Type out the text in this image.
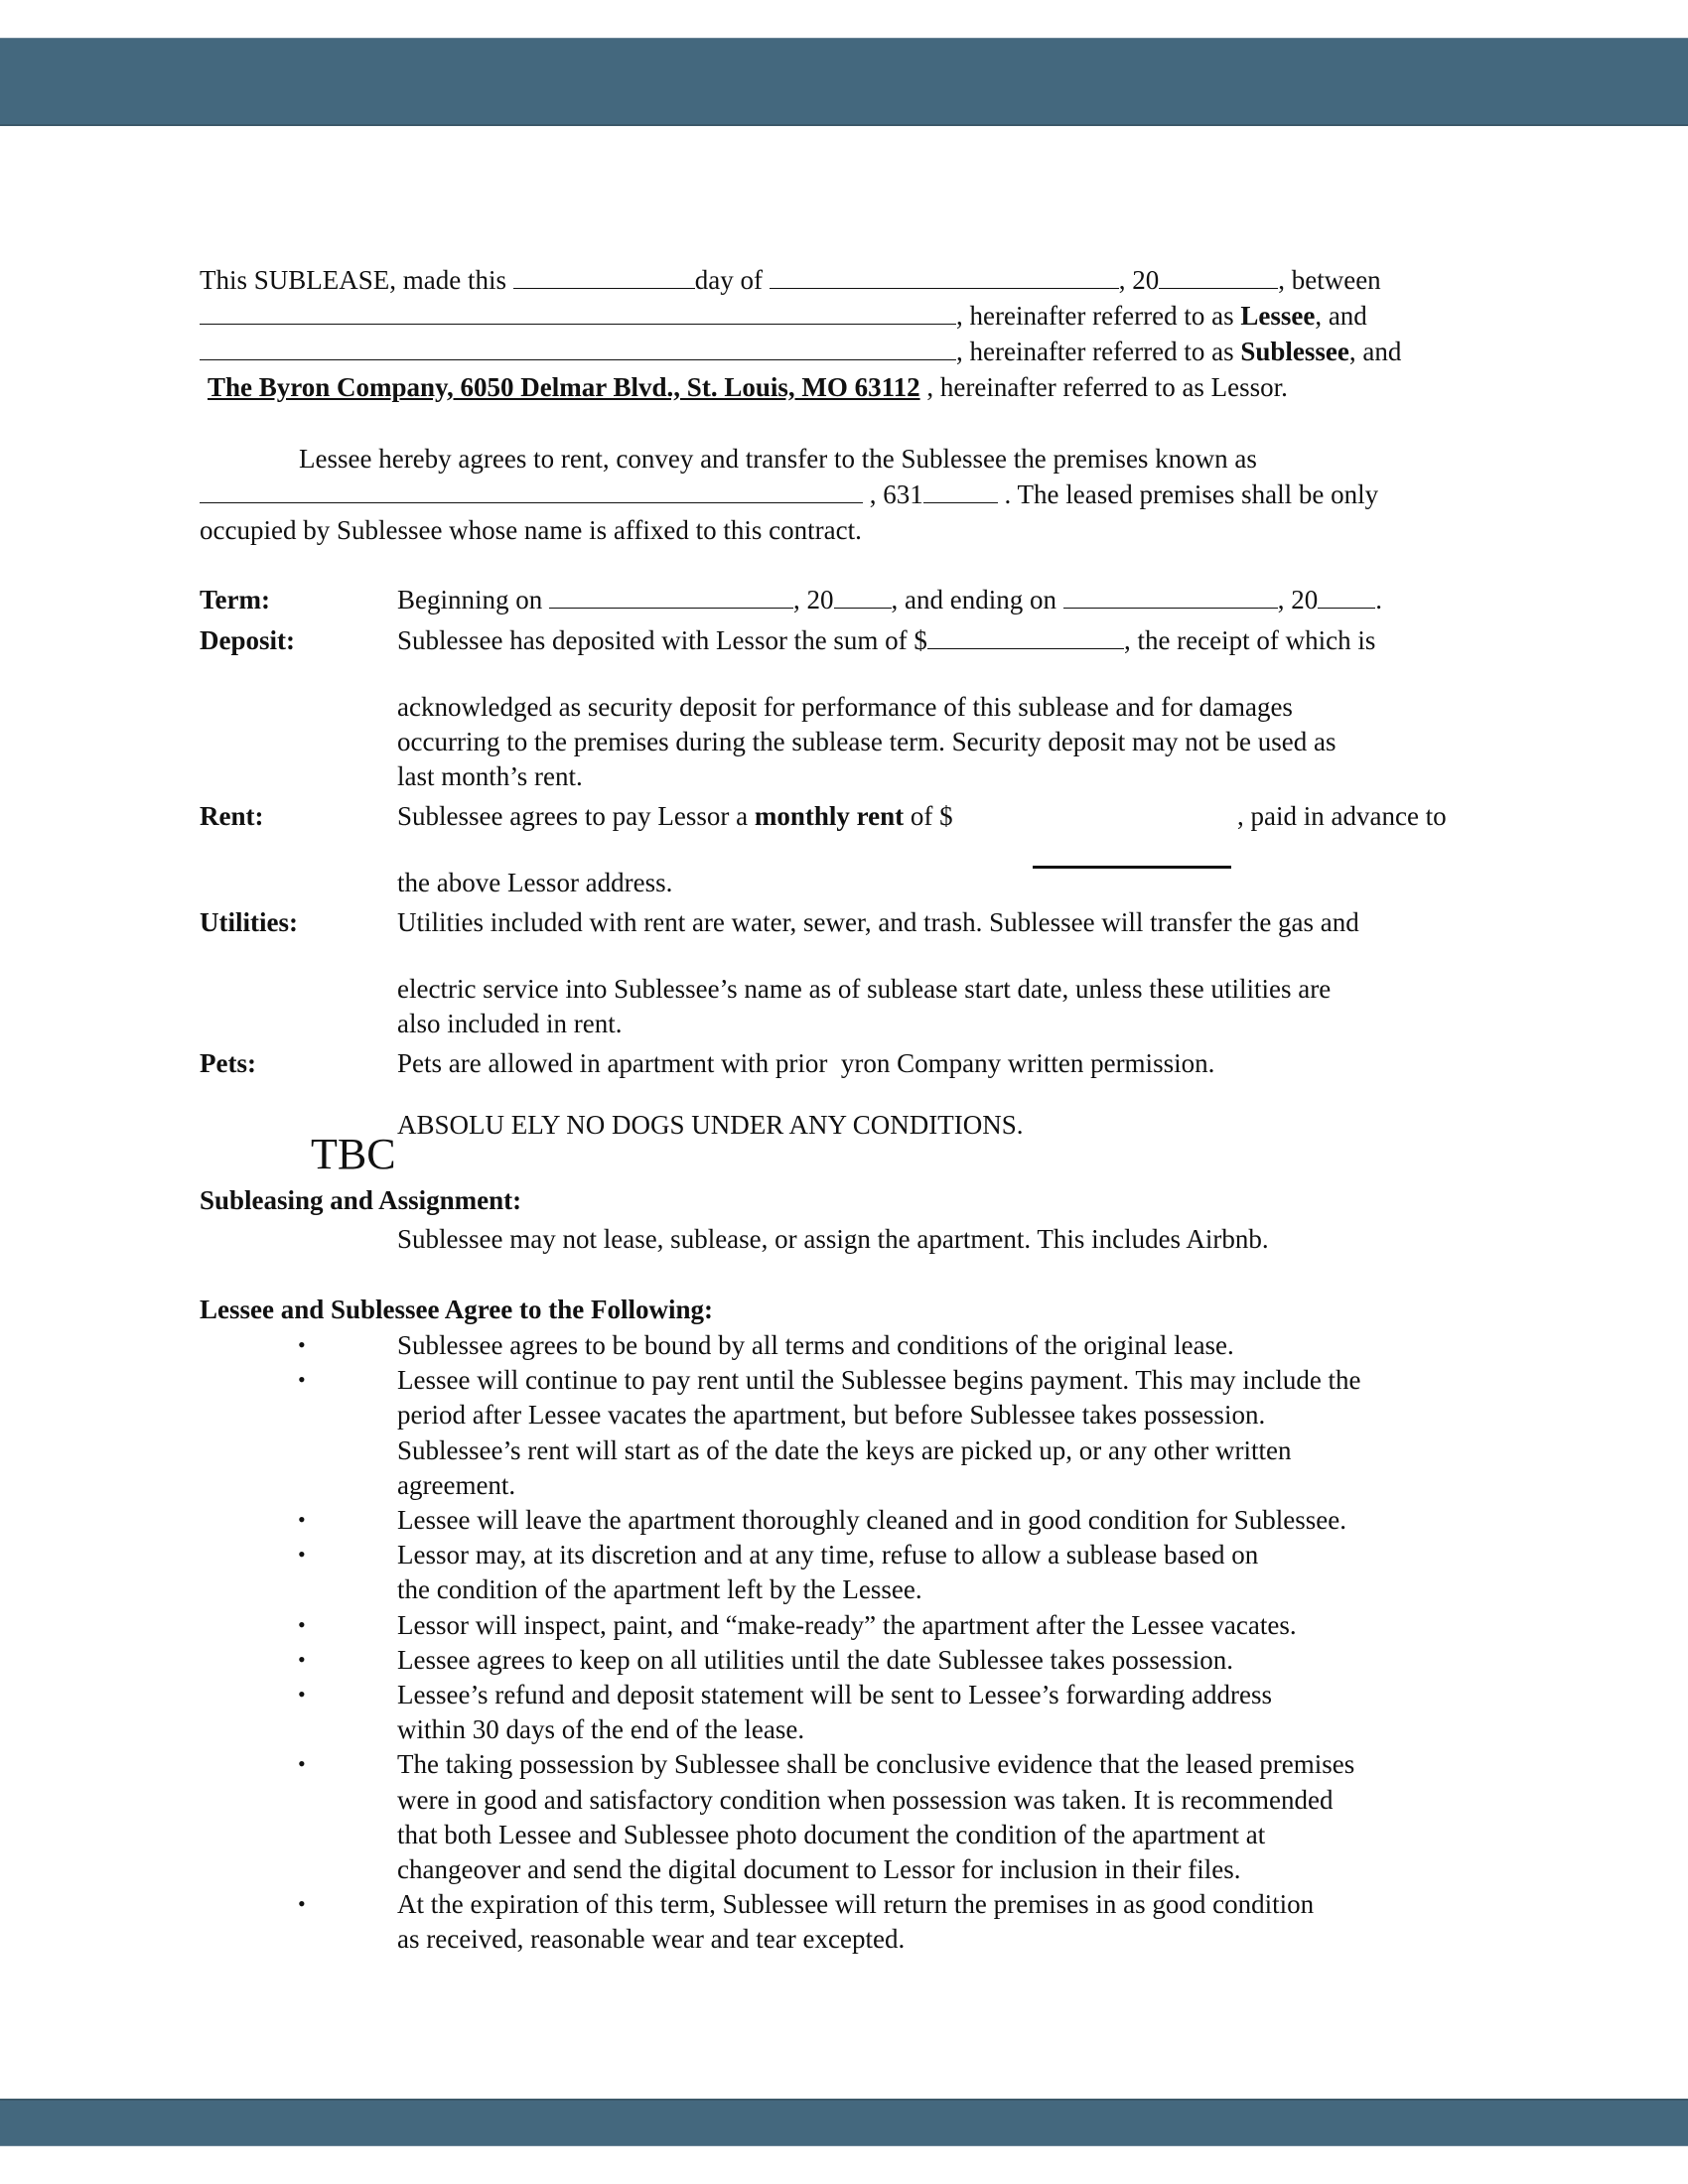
This SUBLEASE, made this	day of	, 20	, between
, hereinafter referred to as Lessee, and
, hereinafter referred to as Sublessee, and
The Byron Company, 6050 Delmar Blvd., St. Louis, MO 63112 , hereinafter referred to as Lessor.
Lessee hereby agrees to rent, convey and transfer to the Sublessee the premises known as
, 631	. The leased premises shall be only
occupied by Sublessee whose name is affixed to this contract.
Term:	Beginning on	, 20 , and ending on	, 20 .
Deposit:	Sublessee has deposited with Lessor the sum of $	, the receipt of which is
acknowledged as security deposit for performance of this sublease and for damages
occurring to the premises during the sublease term. Security deposit may not be used as
last month’s rent.
Rent:	Sublessee agrees to pay Lessor a monthly rent of $	, paid in advance to
the above Lessor address.
Utilities:	Utilities included with rent are water, sewer, and trash. Sublessee will transfer the gas and
electric service into Sublessee’s name as of sublease start date, unless these utilities are
also included in rent.
Pets:	Pets are allowed in apartment with prior  yron Company written permission.
ABSOLU ELY NO DOGS UNDER ANY CONDITIONS.
TBC
Subleasing and Assignment:
Sublessee may not lease, sublease, or assign the apartment. This includes Airbnb.
Lessee and Sublessee Agree to the Following:
•	Sublessee agrees to be bound by all terms and conditions of the original lease.
•	Lessee will continue to pay rent until the Sublessee begins payment. This may include the
period after Lessee vacates the apartment, but before Sublessee takes possession.
Sublessee’s rent will start as of the date the keys are picked up, or any other written
agreement.
•	Lessee will leave the apartment thoroughly cleaned and in good condition for Sublessee.
•	Lessor may, at its discretion and at any time, refuse to allow a sublease based on
the condition of the apartment left by the Lessee.
•	Lessor will inspect, paint, and “make-ready” the apartment after the Lessee vacates.
•	Lessee agrees to keep on all utilities until the date Sublessee takes possession.
•	Lessee’s refund and deposit statement will be sent to Lessee’s forwarding address
within 30 days of the end of the lease.
•	The taking possession by Sublessee shall be conclusive evidence that the leased premises
were in good and satisfactory condition when possession was taken. It is recommended
that both Lessee and Sublessee photo document the condition of the apartment at
changeover and send the digital document to Lessor for inclusion in their files.
•	At the expiration of this term, Sublessee will return the premises in as good condition
as received, reasonable wear and tear excepted.
